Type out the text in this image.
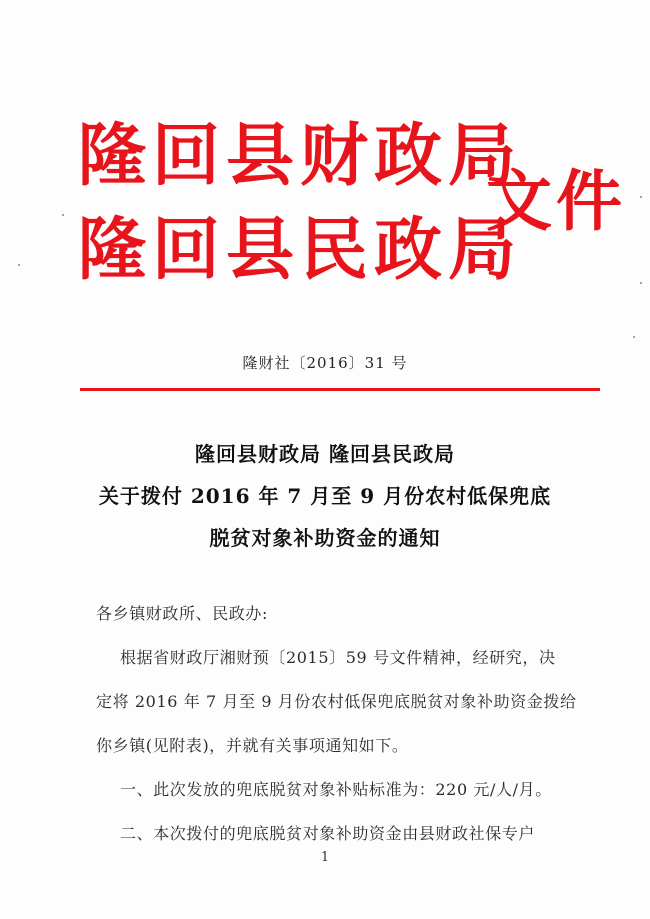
隆回县财政局
隆回县民政局
文件
隆财社〔2016〕31 号
隆回县财政局 隆回县民政局
关于拨付 2016 年 7 月至 9 月份农村低保兜底
脱贫对象补助资金的通知

各乡镇财政所、民政办:

根据省财政厅湘财预〔2015〕59 号文件精神，经研究，决

定将 2016 年 7 月至 9 月份农村低保兜底脱贫对象补助资金拨给

你乡镇(见附表)，并就有关事项通知如下。

一、此次发放的兜底脱贫对象补贴标准为：220 元/人/月。

二、本次拨付的兜底脱贫对象补助资金由县财政社保专户

1
